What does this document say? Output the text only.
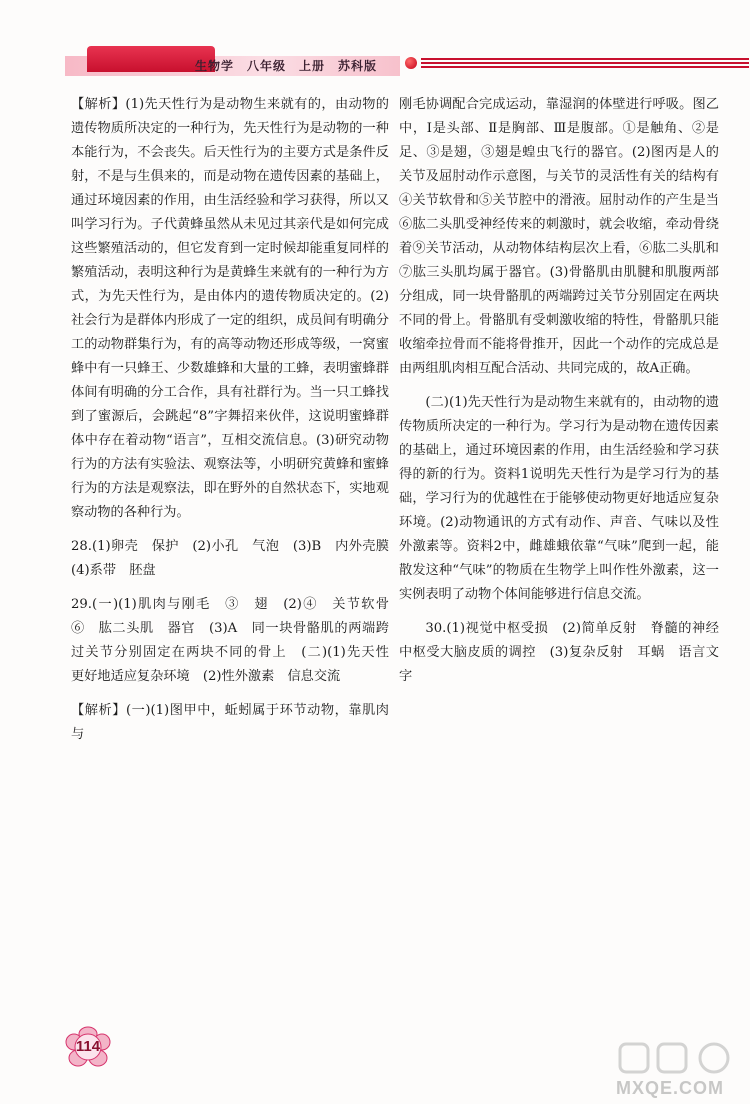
生物学　八年级　上册　苏科版

【解析】(1)先天性行为是动物生来就有的，由动物的遗传物质所决定的一种行为，先天性行为是动物的一种本能行为，不会丧失。后天性行为的主要方式是条件反射，不是与生俱来的，而是动物在遗传因素的基础上，通过环境因素的作用，由生活经验和学习获得，所以又叫学习行为。子代黄蜂虽然从未见过其亲代是如何完成这些繁殖活动的，但它发育到一定时候却能重复同样的繁殖活动，表明这种行为是黄蜂生来就有的一种行为方式，为先天性行为，是由体内的遗传物质决定的。(2)社会行为是群体内形成了一定的组织，成员间有明确分工的动物群集行为，有的高等动物还形成等级，一窝蜜蜂中有一只蜂王、少数雄蜂和大量的工蜂，表明蜜蜂群体间有明确的分工合作，具有社群行为。当一只工蜂找到了蜜源后，会跳起“8”字舞招来伙伴，这说明蜜蜂群体中存在着动物“语言”，互相交流信息。(3)研究动物行为的方法有实验法、观察法等，小明研究黄蜂和蜜蜂行为的方法是观察法，即在野外的自然状态下，实地观察动物的各种行为。

28.(1)卵壳　保护　(2)小孔　气泡　(3)B　内外壳膜　(4)系带　胚盘

29.(一)(1)肌肉与刚毛　③　翅　(2)④　关节软骨　⑥　肱二头肌　器官　(3)A　同一块骨骼肌的两端跨过关节分别固定在两块不同的骨上　(二)(1)先天性　更好地适应复杂环境　(2)性外激素　信息交流

【解析】(一)(1)图甲中，蚯蚓属于环节动物，靠肌肉与

刚毛协调配合完成运动，靠湿润的体壁进行呼吸。图乙中，Ⅰ是头部、Ⅱ是胸部、Ⅲ是腹部。①是触角、②是足、③是翅，③翅是蝗虫飞行的器官。(2)图丙是人的关节及屈肘动作示意图，与关节的灵活性有关的结构有④关节软骨和⑤关节腔中的滑液。屈肘动作的产生是当⑥肱二头肌受神经传来的刺激时，就会收缩，牵动骨绕着⑨关节活动，从动物体结构层次上看，⑥肱二头肌和⑦肱三头肌均属于器官。(3)骨骼肌由肌腱和肌腹两部分组成，同一块骨骼肌的两端跨过关节分别固定在两块不同的骨上。骨骼肌有受刺激收缩的特性，骨骼肌只能收缩牵拉骨而不能将骨推开，因此一个动作的完成总是由两组肌肉相互配合活动、共同完成的，故A正确。

(二)(1)先天性行为是动物生来就有的，由动物的遗传物质所决定的一种行为。学习行为是动物在遗传因素的基础上，通过环境因素的作用，由生活经验和学习获得的新的行为。资料1说明先天性行为是学习行为的基础，学习行为的优越性在于能够使动物更好地适应复杂环境。(2)动物通讯的方式有动作、声音、气味以及性外激素等。资料2中，雌雄蛾依靠“气味”爬到一起，能散发这种“气味”的物质在生物学上叫作性外激素，这一实例表明了动物个体间能够进行信息交流。

30.(1)视觉中枢受损　(2)简单反射　脊髓的神经中枢受大脑皮质的调控　(3)复杂反射　耳蜗　语言文字

114
MXQE.COM
